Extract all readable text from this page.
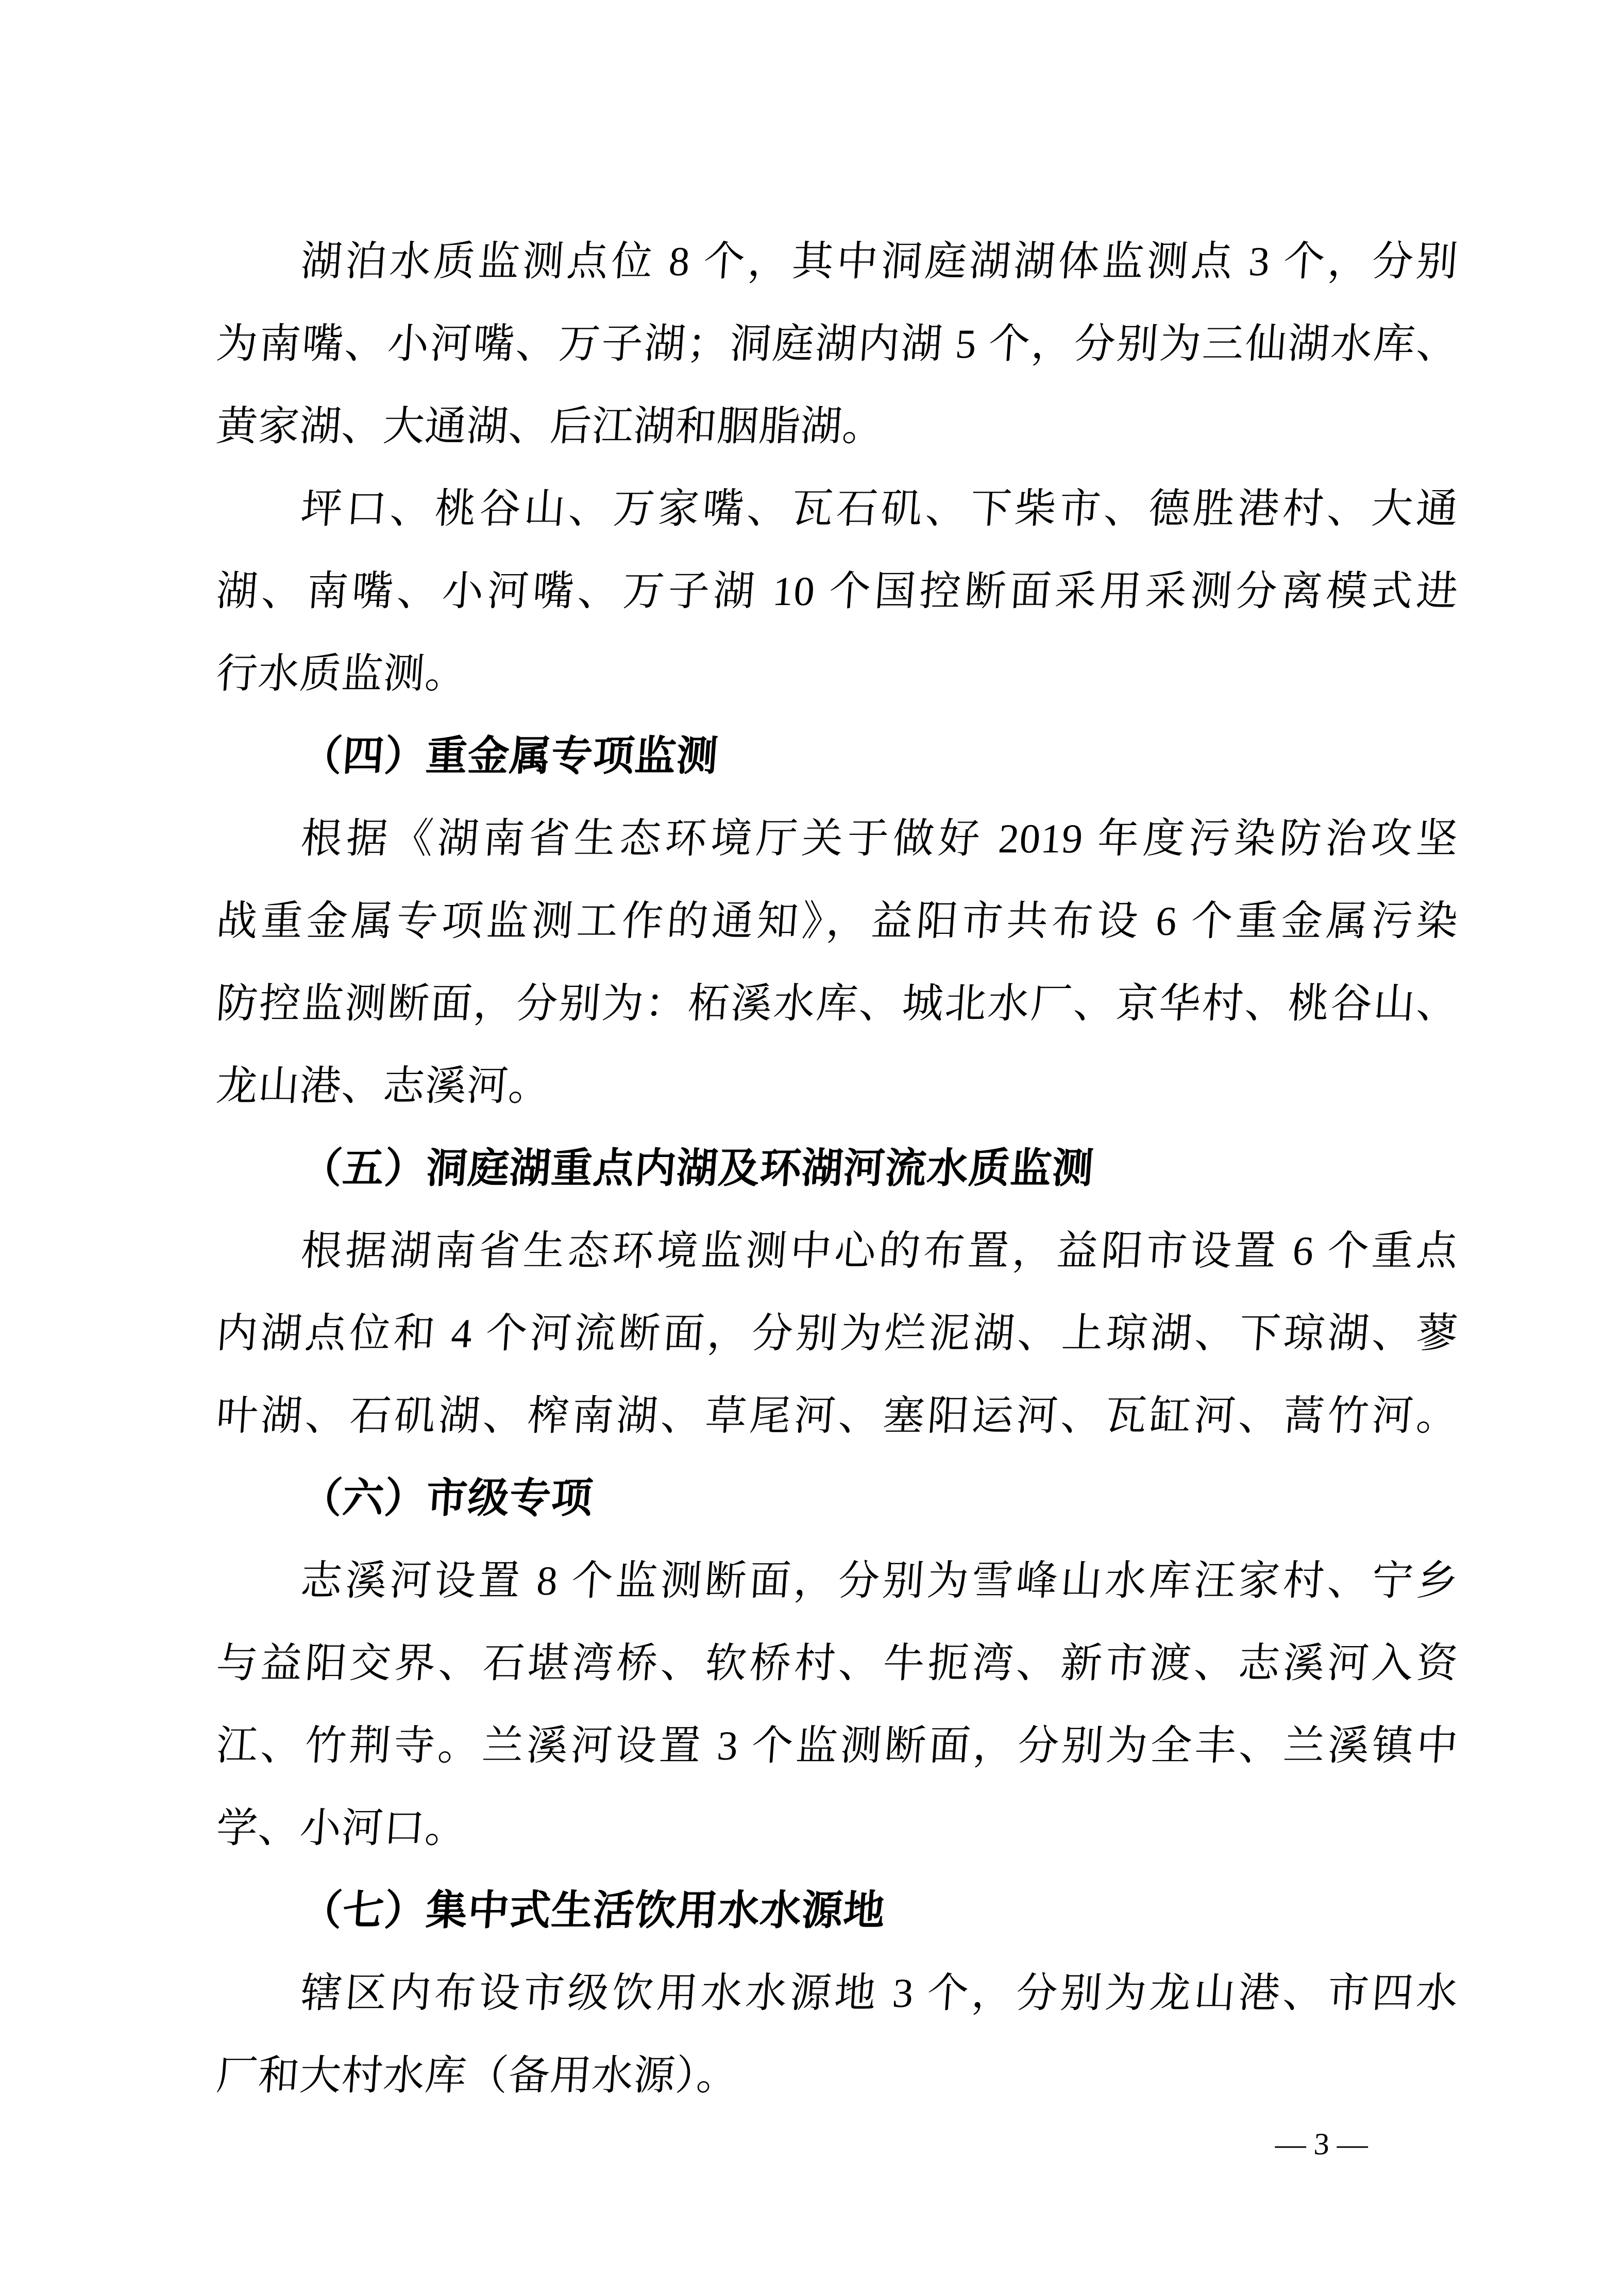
湖泊水质监测点位 8 个，其中洞庭湖湖体监测点 3 个，分别
为南嘴、小河嘴、万子湖；洞庭湖内湖 5 个，分别为三仙湖水库、
黄家湖、大通湖、后江湖和胭脂湖。
坪口、桃谷山、万家嘴、瓦石矶、下柴市、德胜港村、大通
湖、南嘴、小河嘴、万子湖 10 个国控断面采用采测分离模式进
行水质监测。
（四）重金属专项监测
根据《湖南省生态环境厅关于做好 2019 年度污染防治攻坚
战重金属专项监测工作的通知》，益阳市共布设 6 个重金属污染
防控监测断面，分别为：柘溪水库、城北水厂、京华村、桃谷山、
龙山港、志溪河。
（五）洞庭湖重点内湖及环湖河流水质监测
根据湖南省生态环境监测中心的布置，益阳市设置 6 个重点
内湖点位和 4 个河流断面，分别为烂泥湖、上琼湖、下琼湖、蓼
叶湖、石矶湖、榨南湖、草尾河、塞阳运河、瓦缸河、蒿竹河。
（六）市级专项
志溪河设置 8 个监测断面，分别为雪峰山水库汪家村、宁乡
与益阳交界、石堪湾桥、软桥村、牛扼湾、新市渡、志溪河入资
江、竹荆寺。兰溪河设置 3 个监测断面，分别为全丰、兰溪镇中
学、小河口。
（七）集中式生活饮用水水源地
辖区内布设市级饮用水水源地 3 个，分别为龙山港、市四水
厂和大村水库（备用水源）。
— 3 —
